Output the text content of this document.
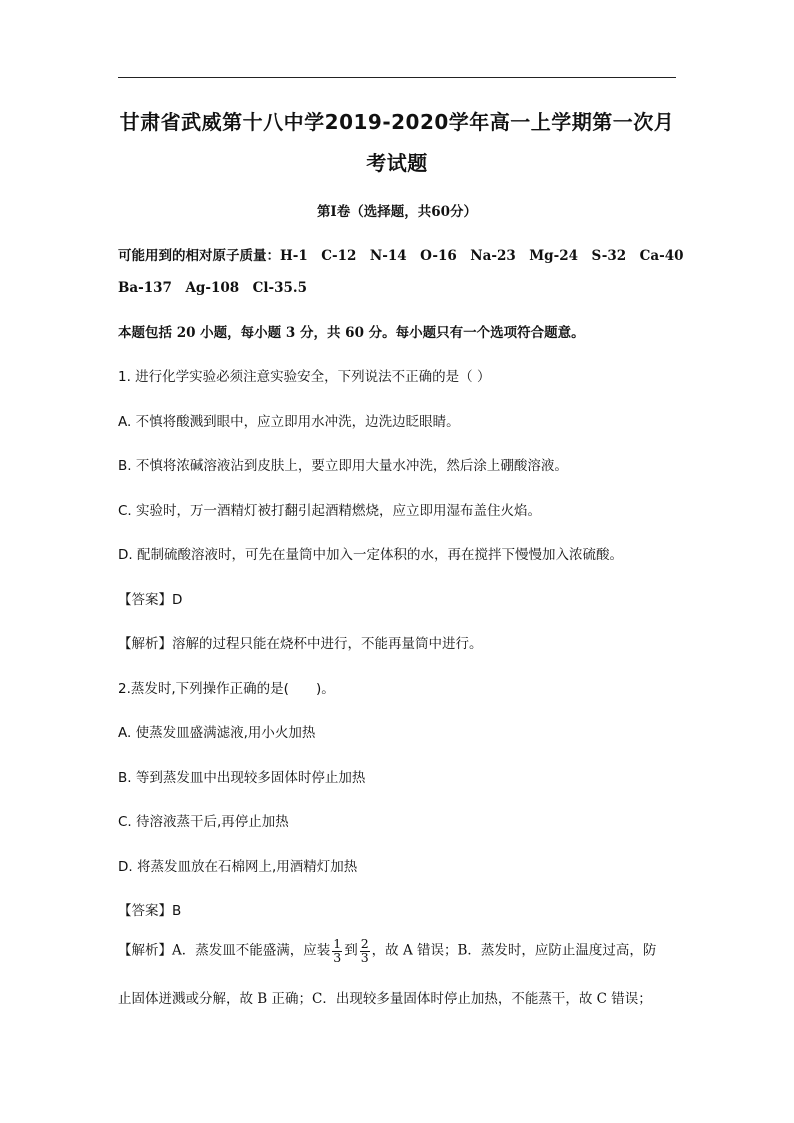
甘肃省武威第十八中学2019-2020学年高一上学期第一次月
考试题
第I卷（选择题，共60分）
可能用到的相对原子质量：H-1　C-12　N-14　O-16　Na-23　Mg-24　S-32　Ca-40
Ba-137　Ag-108　Cl-35.5
本题包括 20 小题，每小题 3 分，共 60 分。每小题只有一个选项符合题意。
1. 进行化学实验必须注意实验安全，下列说法不正确的是（ ）
A. 不慎将酸溅到眼中，应立即用水冲洗，边洗边眨眼睛。
B. 不慎将浓碱溶液沾到皮肤上，要立即用大量水冲洗，然后涂上硼酸溶液。
C. 实验时，万一酒精灯被打翻引起酒精燃烧，应立即用湿布盖住火焰。
D. 配制硫酸溶液时，可先在量筒中加入一定体积的水，再在搅拌下慢慢加入浓硫酸。
【答案】D
【解析】溶解的过程只能在烧杯中进行，不能再量筒中进行。
2.蒸发时,下列操作正确的是(　　)。
A. 使蒸发皿盛满滤液,用小火加热
B. 等到蒸发皿中出现较多固体时停止加热
C. 待溶液蒸干后,再停止加热
D. 将蒸发皿放在石棉网上,用酒精灯加热
【答案】B
【解析】A．蒸发皿不能盛满，应装 $\frac{1}{3}$ 到 $\frac{2}{3}$ ，故 A 错误；B．蒸发时，应防止温度过高，防
止固体迸溅或分解，故 B 正确；C．出现较多量固体时停止加热，不能蒸干，故 C 错误；
